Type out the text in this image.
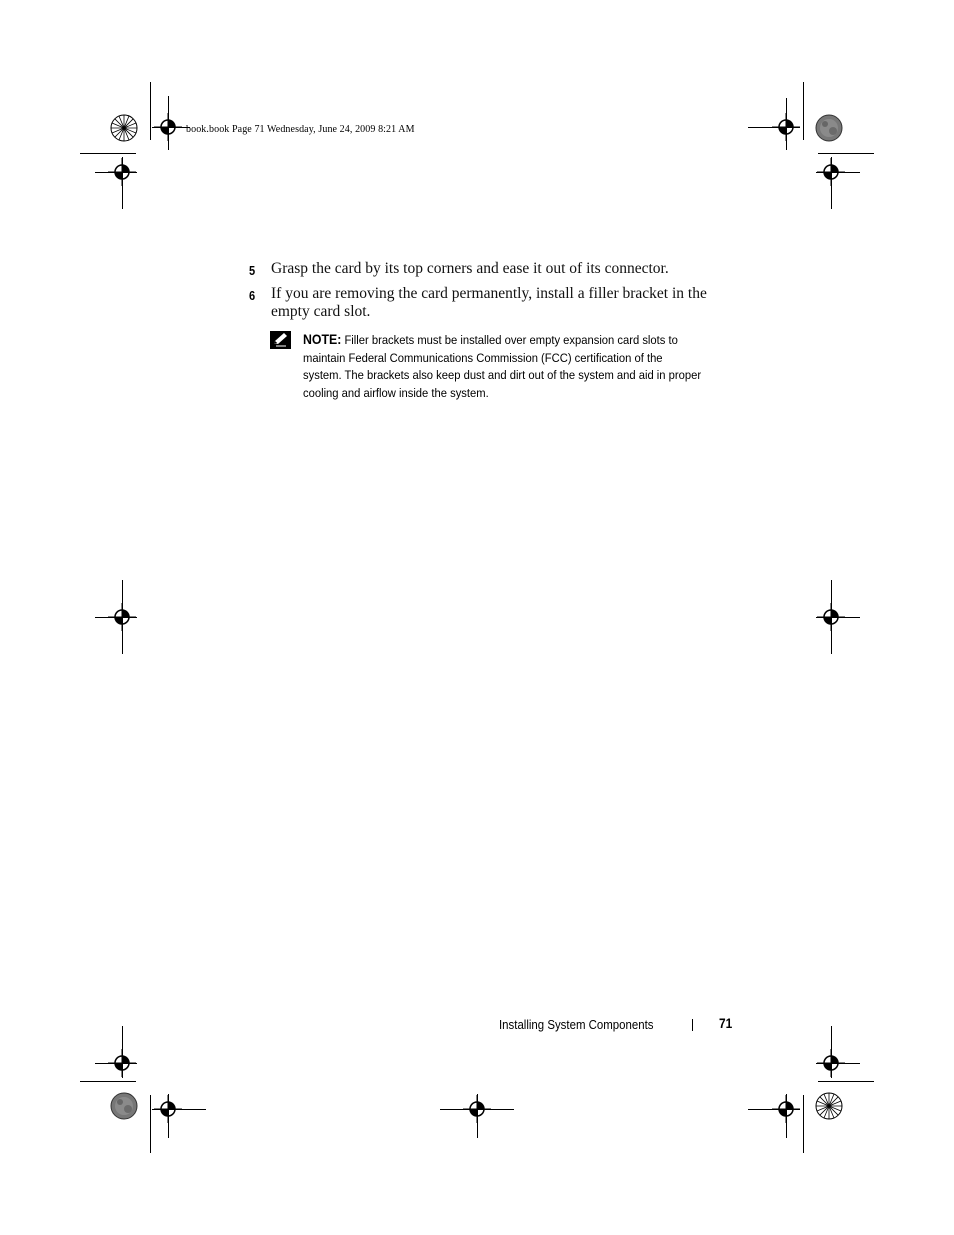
book.book Page 71 Wednesday, June 24, 2009 8:21 AM
5 Grasp the card by its top corners and ease it out of its connector.
6 If you are removing the card permanently, install a filler bracket in the empty card slot.
NOTE: Filler brackets must be installed over empty expansion card slots to maintain Federal Communications Commission (FCC) certification of the system. The brackets also keep dust and dirt out of the system and aid in proper cooling and airflow inside the system.
Installing System Components	71
